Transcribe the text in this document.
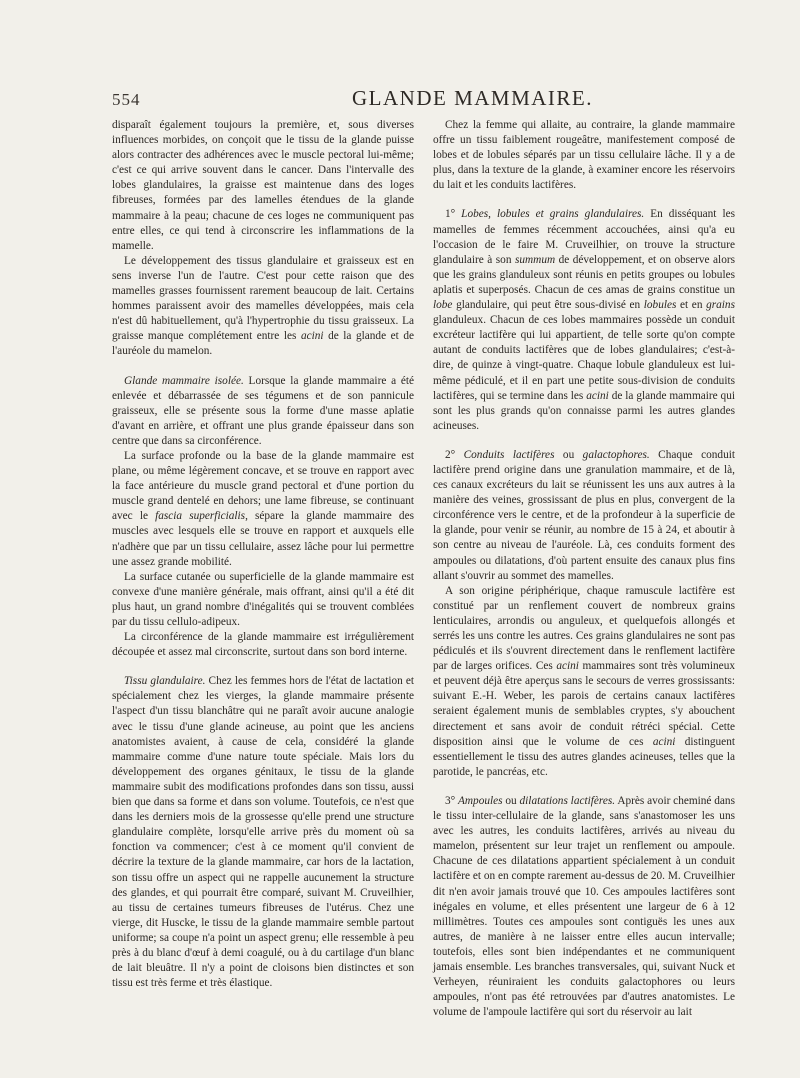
554	GLANDE MAMMAIRE.

disparaît également toujours la première, et, sous diverses influences morbides, on conçoit que le tissu de la glande puisse alors contracter des adhérences avec le muscle pectoral lui-même; c'est ce qui arrive souvent dans le cancer. Dans l'intervalle des lobes glandulaires, la graisse est maintenue dans des loges fibreuses, formées par des lamelles étendues de la glande mammaire à la peau; chacune de ces loges ne communiquent pas entre elles, ce qui tend à circonscrire les inflammations de la mamelle.

Le développement des tissus glandulaire et graisseux est en sens inverse l'un de l'autre. C'est pour cette raison que des mamelles grasses fournissent rarement beaucoup de lait. Certains hommes paraissent avoir des mamelles développées, mais cela n'est dû habituellement, qu'à l'hypertrophie du tissu graisseux. La graisse manque complétement entre les acini de la glande et de l'auréole du mamelon.

Glande mammaire isolée. Lorsque la glande mammaire a été enlevée et débarrassée de ses tégumens et de son pannicule graisseux, elle se présente sous la forme d'une masse aplatie d'avant en arrière, et offrant une plus grande épaisseur dans son centre que dans sa circonférence.

La surface profonde ou la base de la glande mammaire est plane, ou même légèrement concave, et se trouve en rapport avec la face antérieure du muscle grand pectoral et d'une portion du muscle grand dentelé en dehors; une lame fibreuse, se continuant avec le fascia superficialis, sépare la glande mammaire des muscles avec lesquels elle se trouve en rapport et auxquels elle n'adhère que par un tissu cellulaire, assez lâche pour lui permettre une assez grande mobilité.

La surface cutanée ou superficielle de la glande mammaire est convexe d'une manière générale, mais offrant, ainsi qu'il a été dit plus haut, un grand nombre d'inégalités qui se trouvent comblées par du tissu cellulo-adipeux.

La circonférence de la glande mammaire est irrégulièrement découpée et assez mal circonscrite, surtout dans son bord interne.

Tissu glandulaire. Chez les femmes hors de l'état de lactation et spécialement chez les vierges, la glande mammaire présente l'aspect d'un tissu blanchâtre qui ne paraît avoir aucune analogie avec le tissu d'une glande acineuse, au point que les anciens anatomistes avaient, à cause de cela, considéré la glande mammaire comme d'une nature toute spéciale. Mais lors du développement des organes génitaux, le tissu de la glande mammaire subit des modifications profondes dans son tissu, aussi bien que dans sa forme et dans son volume. Toutefois, ce n'est que dans les derniers mois de la grossesse qu'elle prend une structure glandulaire complète, lorsqu'elle arrive près du moment où sa fonction va commencer; c'est à ce moment qu'il convient de décrire la texture de la glande mammaire, car hors de la lactation, son tissu offre un aspect qui ne rappelle aucunement la structure des glandes, et qui pourrait être comparé, suivant M. Cruveilhier, au tissu de certaines tumeurs fibreuses de l'utérus. Chez une vierge, dit Huscke, le tissu de la glande mammaire semble partout uniforme; sa coupe n'a point un aspect grenu; elle ressemble à peu près à du blanc d'œuf à demi coagulé, ou à du cartilage d'un blanc de lait bleuâtre. Il n'y a point de cloisons bien distinctes et son tissu est très ferme et très élastique.

Chez la femme qui allaite, au contraire, la glande mammaire offre un tissu faiblement rougeâtre, manifestement composé de lobes et de lobules séparés par un tissu cellulaire lâche. Il y a de plus, dans la texture de la glande, à examiner encore les réservoirs du lait et les conduits lactifères.

1° Lobes, lobules et grains glandulaires. En disséquant les mamelles de femmes récemment accouchées, ainsi qu'a eu l'occasion de le faire M. Cruveilhier, on trouve la structure glandulaire à son summum de développement, et on observe alors que les grains glanduleux sont réunis en petits groupes ou lobules aplatis et superposés. Chacun de ces amas de grains constitue un lobe glandulaire, qui peut être sous-divisé en lobules et en grains glanduleux. Chacun de ces lobes mammaires possède un conduit excréteur lactifère qui lui appartient, de telle sorte qu'on compte autant de conduits lactifères que de lobes glandulaires; c'est-à-dire, de quinze à vingt-quatre. Chaque lobule glanduleux est lui-même pédiculé, et il en part une petite sous-division de conduits lactifères, qui se termine dans les acini de la glande mammaire qui sont les plus grands qu'on connaisse parmi les autres glandes acineuses.

2° Conduits lactifères ou galactophores. Chaque conduit lactifère prend origine dans une granulation mammaire, et de là, ces canaux excréteurs du lait se réunissent les uns aux autres à la manière des veines, grossissant de plus en plus, convergent de la circonférence vers le centre, et de la profondeur à la superficie de la glande, pour venir se réunir, au nombre de 15 à 24, et aboutir à son centre au niveau de l'auréole. Là, ces conduits forment des ampoules ou dilatations, d'où partent ensuite des canaux plus fins allant s'ouvrir au sommet des mamelles.

A son origine périphérique, chaque ramuscule lactifère est constitué par un renflement couvert de nombreux grains lenticulaires, arrondis ou anguleux, et quelquefois allongés et serrés les uns contre les autres. Ces grains glandulaires ne sont pas pédiculés et ils s'ouvrent directement dans le renflement lactifère par de larges orifices. Ces acini mammaires sont très volumineux et peuvent déjà être aperçus sans le secours de verres grossissants: suivant E.-H. Weber, les parois de certains canaux lactifères seraient également munis de semblables cryptes, s'y abouchent directement et sans avoir de conduit rétréci spécial. Cette disposition ainsi que le volume de ces acini distinguent essentiellement le tissu des autres glandes acineuses, telles que la parotide, le pancréas, etc.

3° Ampoules ou dilatations lactifères. Après avoir cheminé dans le tissu inter-cellulaire de la glande, sans s'anastomoser les uns avec les autres, les conduits lactifères, arrivés au niveau du mamelon, présentent sur leur trajet un renflement ou ampoule. Chacune de ces dilatations appartient spécialement à un conduit lactifère et on en compte rarement au-dessus de 20. M. Cruveilhier dit n'en avoir jamais trouvé que 10. Ces ampoules lactifères sont inégales en volume, et elles présentent une largeur de 6 à 12 millimètres. Toutes ces ampoules sont contiguës les unes aux autres, de manière à ne laisser entre elles aucun intervalle; toutefois, elles sont bien indépendantes et ne communiquent jamais ensemble. Les branches transversales, qui, suivant Nuck et Verheyen, réuniraient les conduits galactophores ou leurs ampoules, n'ont pas été retrouvées par d'autres anatomistes. Le volume de l'ampoule lactifère qui sort du réservoir au lait
